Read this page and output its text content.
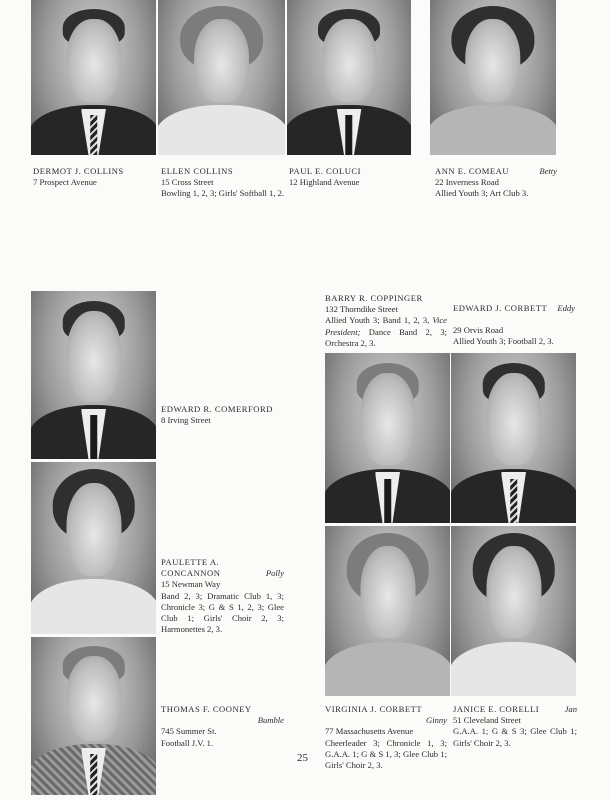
DERMOT J. COLLINS
7 Prospect Avenue
ELLEN COLLINS
15 Cross Street
Bowling 1, 2, 3; Girls' Softball 1, 2.
PAUL E. COLUCI
12 Highland Avenue
ANN E. COMEAU	Betty
22 Inverness Road
Allied Youth 3; Art Club 3.
EDWARD R. COMERFORD
8 Irving Street
PAULETTE A.
CONCANNON	Polly
15 Newman Way
Band 2, 3; Dramatic Club 1, 3; Chronicle 3; G & S 1, 2, 3; Glee Club 1; Girls' Choir 2, 3; Harmonettes 2, 3.
THOMAS F. COONEY
Bumble
745 Summer St.
Football J.V. 1.
BARRY R. COPPINGER
132 Thorndike Street
Allied Youth 3; Band 1, 2, 3, Vice President; Dance Band 2, 3; Orchestra 2, 3.
EDWARD J. CORBETT Eddy
29 Orvis Road
Allied Youth 3; Football 2, 3.
VIRGINIA J. CORBETT
Ginny
77 Massachusetts Avenue
Cheerleader 3; Chronicle 1, 3; G.A.A. 1; G & S 1, 3; Glee Club 1; Girls' Choir 2, 3.
JANICE E. CORELLI	Jan
51 Cleveland Street
G.A.A. 1; G & S 3; Glee Club 1; Girls' Choir 2, 3.
25
